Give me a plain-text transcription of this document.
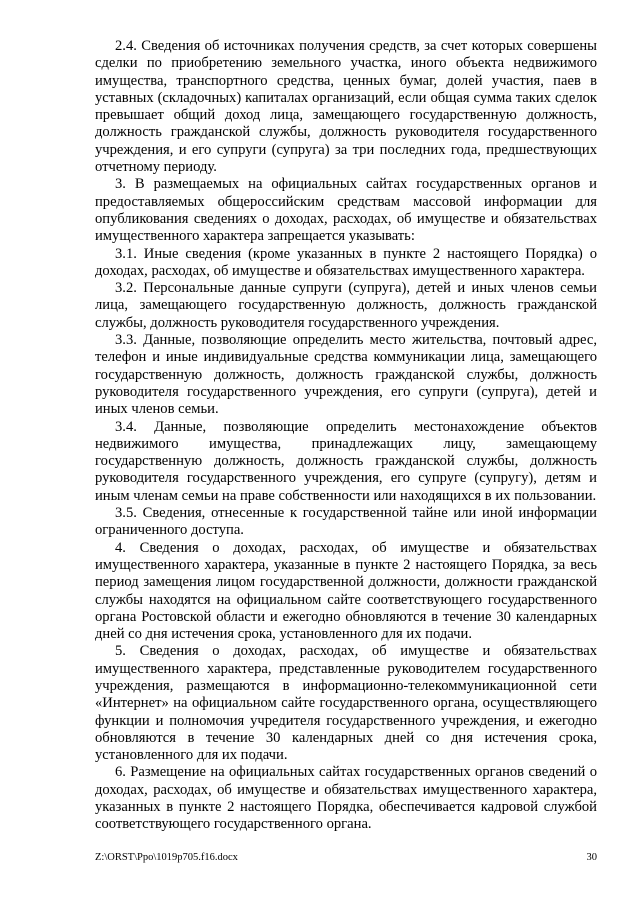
2.4. Сведения об источниках получения средств, за счет которых совершены сделки по приобретению земельного участка, иного объекта недвижимого имущества, транспортного средства, ценных бумаг, долей участия, паев в уставных (складочных) капиталах организаций, если общая сумма таких сделок превышает общий доход лица, замещающего государственную должность, должность гражданской службы, должность руководителя государственного учреждения, и его супруги (супруга) за три последних года, предшествующих отчетному периоду.

3. В размещаемых на официальных сайтах государственных органов и предоставляемых общероссийским средствам массовой информации для опубликования сведениях о доходах, расходах, об имуществе и обязательствах имущественного характера запрещается указывать:

3.1. Иные сведения (кроме указанных в пункте 2 настоящего Порядка) о доходах, расходах, об имуществе и обязательствах имущественного характера.

3.2. Персональные данные супруги (супруга), детей и иных членов семьи лица, замещающего государственную должность, должность гражданской службы, должность руководителя государственного учреждения.

3.3. Данные, позволяющие определить место жительства, почтовый адрес, телефон и иные индивидуальные средства коммуникации лица, замещающего государственную должность, должность гражданской службы, должность руководителя государственного учреждения, его супруги (супруга), детей и иных членов семьи.

3.4. Данные, позволяющие определить местонахождение объектов недвижимого имущества, принадлежащих лицу, замещающему государственную должность, должность гражданской службы, должность руководителя государственного учреждения, его супруге (супругу), детям и иным членам семьи на праве собственности или находящихся в их пользовании.

3.5. Сведения, отнесенные к государственной тайне или иной информации ограниченного доступа.

4. Сведения о доходах, расходах, об имуществе и обязательствах имущественного характера, указанные в пункте 2 настоящего Порядка, за весь период замещения лицом государственной должности, должности гражданской службы находятся на официальном сайте соответствующего государственного органа Ростовской области и ежегодно обновляются в течение 30 календарных дней со дня истечения срока, установленного для их подачи.

5. Сведения о доходах, расходах, об имуществе и обязательствах имущественного характера, представленные руководителем государственного учреждения, размещаются в информационно-телекоммуникационной сети «Интернет» на официальном сайте государственного органа, осуществляющего функции и полномочия учредителя государственного учреждения, и ежегодно обновляются в течение 30 календарных дней со дня истечения срока, установленного для их подачи.

6. Размещение на официальных сайтах государственных органов сведений о доходах, расходах, об имуществе и обязательствах имущественного характера, указанных в пункте 2 настоящего Порядка, обеспечивается кадровой службой соответствующего государственного органа.

Z:\ORST\Ppo\1019p705.f16.docx	30
